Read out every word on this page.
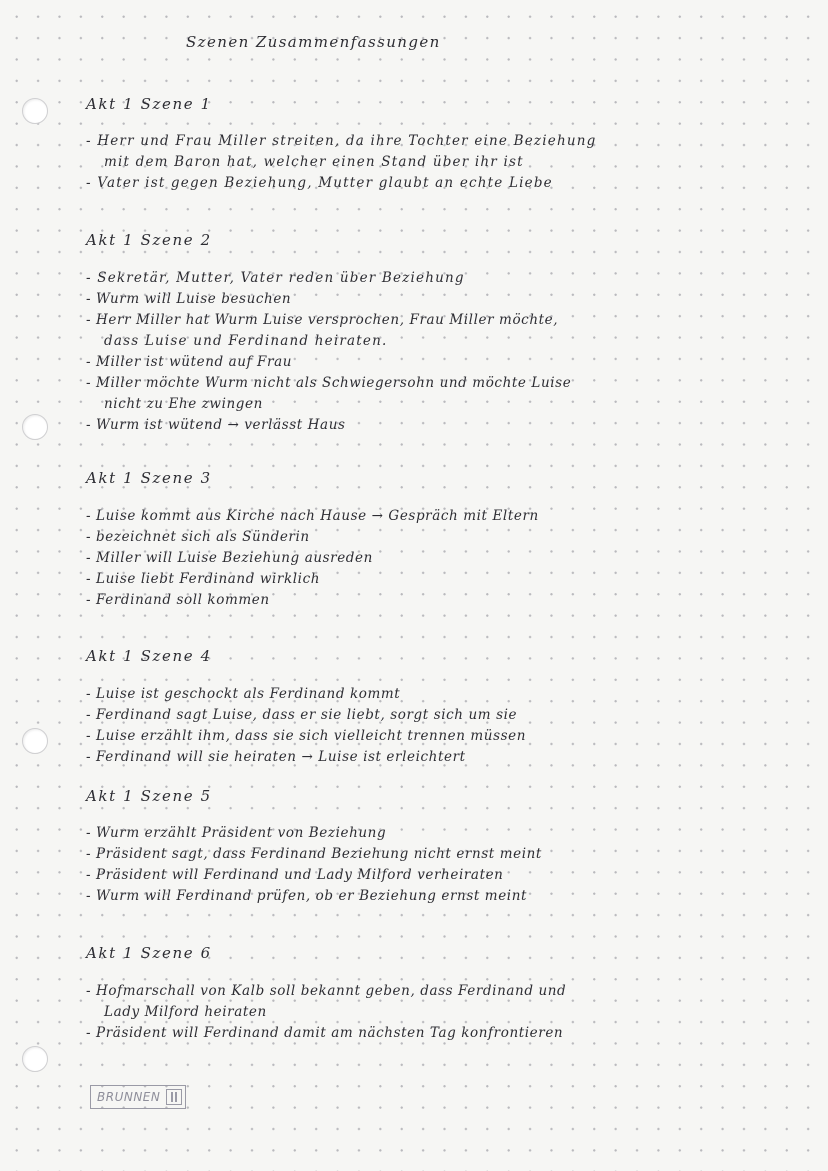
Szenen Zusammenfassungen
Akt 1 Szene 1
- Herr und Frau Miller streiten, da ihre Tochter eine Beziehung
mit dem Baron hat, welcher einen Stand über ihr ist
- Vater ist gegen Beziehung, Mutter glaubt an echte Liebe
Akt 1 Szene 2
- Sekretär, Mutter, Vater reden über Beziehung
- Wurm will Luise besuchen
- Herr Miller hat Wurm Luise versprochen, Frau Miller möchte,
dass Luise und Ferdinand heiraten.
- Miller ist wütend auf Frau
- Miller möchte Wurm nicht als Schwiegersohn und möchte Luise
nicht zu Ehe zwingen
- Wurm ist wütend → verlässt Haus
Akt 1 Szene 3
- Luise kommt aus Kirche nach Hause → Gespräch mit Eltern
- bezeichnet sich als Sünderin
- Miller will Luise Beziehung ausreden
- Luise liebt Ferdinand wirklich
- Ferdinand soll kommen
Akt 1 Szene 4
- Luise ist geschockt als Ferdinand kommt
- Ferdinand sagt Luise, dass er sie liebt, sorgt sich um sie
- Luise erzählt ihm, dass sie sich vielleicht trennen müssen
- Ferdinand will sie heiraten → Luise ist erleichtert
Akt 1 Szene 5
- Wurm erzählt Präsident von Beziehung
- Präsident sagt, dass Ferdinand Beziehung nicht ernst meint
- Präsident will Ferdinand und Lady Milford verheiraten
- Wurm will Ferdinand prüfen, ob er Beziehung ernst meint
Akt 1 Szene 6
- Hofmarschall von Kalb soll bekannt geben, dass Ferdinand und
Lady Milford heiraten
- Präsident will Ferdinand damit am nächsten Tag konfrontieren
BRUNNEN
